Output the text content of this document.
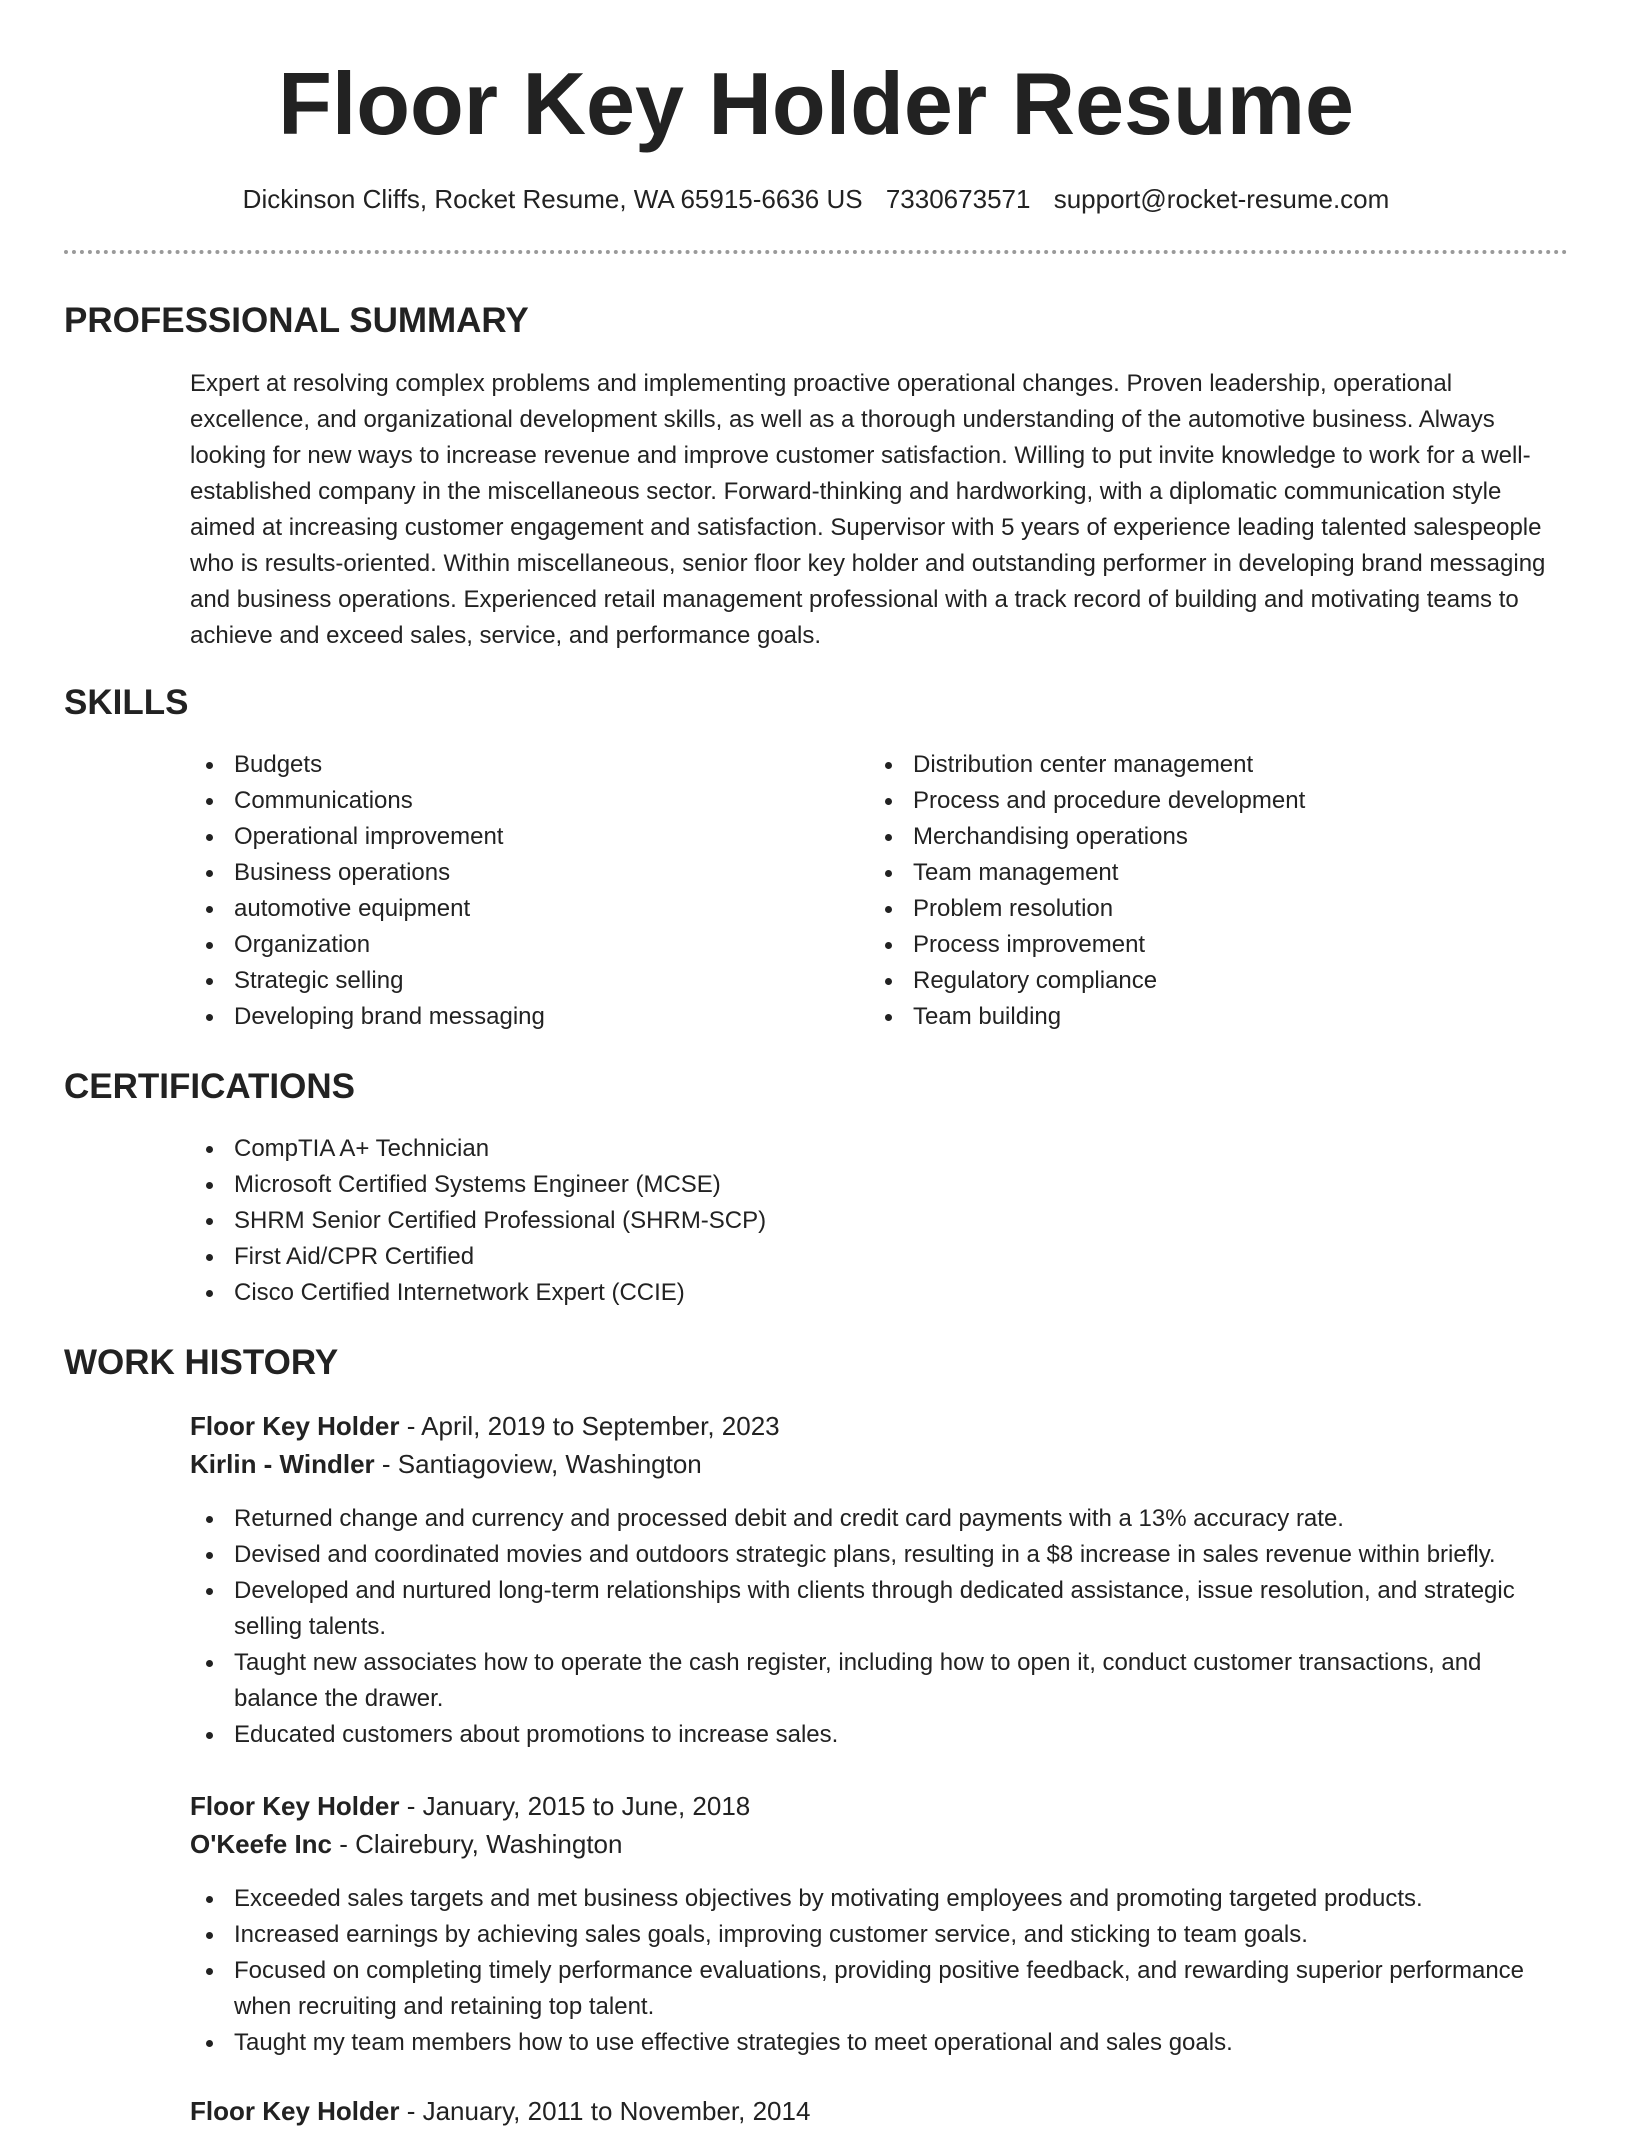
Floor Key Holder Resume
Dickinson Cliffs, Rocket Resume, WA 65915-6636 US 7330673571 support@rocket-resume.com
PROFESSIONAL SUMMARY

Expert at resolving complex problems and implementing proactive operational changes. Proven leadership, operational excellence, and organizational development skills, as well as a thorough understanding of the automotive business. Always looking for new ways to increase revenue and improve customer satisfaction. Willing to put invite knowledge to work for a well-established company in the miscellaneous sector. Forward-thinking and hardworking, with a diplomatic communication style aimed at increasing customer engagement and satisfaction. Supervisor with 5 years of experience leading talented salespeople who is results-oriented. Within miscellaneous, senior floor key holder and outstanding performer in developing brand messaging and business operations. Experienced retail management professional with a track record of building and motivating teams to achieve and exceed sales, service, and performance goals.

SKILLS
Budgets
Communications
Operational improvement
Business operations
automotive equipment
Organization
Strategic selling
Developing brand messaging
Distribution center management
Process and procedure development
Merchandising operations
Team management
Problem resolution
Process improvement
Regulatory compliance
Team building
CERTIFICATIONS
CompTIA A+ Technician
Microsoft Certified Systems Engineer (MCSE)
SHRM Senior Certified Professional (SHRM-SCP)
First Aid/CPR Certified
Cisco Certified Internetwork Expert (CCIE)
WORK HISTORY
Floor Key Holder - April, 2019 to September, 2023
Kirlin - Windler - Santiagoview, Washington
Returned change and currency and processed debit and credit card payments with a 13% accuracy rate.
Devised and coordinated movies and outdoors strategic plans, resulting in a $8 increase in sales revenue within briefly.
Developed and nurtured long-term relationships with clients through dedicated assistance, issue resolution, and strategic selling talents.
Taught new associates how to operate the cash register, including how to open it, conduct customer transactions, and balance the drawer.
Educated customers about promotions to increase sales.
Floor Key Holder - January, 2015 to June, 2018
O'Keefe Inc - Clairebury, Washington
Exceeded sales targets and met business objectives by motivating employees and promoting targeted products.
Increased earnings by achieving sales goals, improving customer service, and sticking to team goals.
Focused on completing timely performance evaluations, providing positive feedback, and rewarding superior performance when recruiting and retaining top talent.
Taught my team members how to use effective strategies to meet operational and sales goals.
Floor Key Holder - January, 2011 to November, 2014
